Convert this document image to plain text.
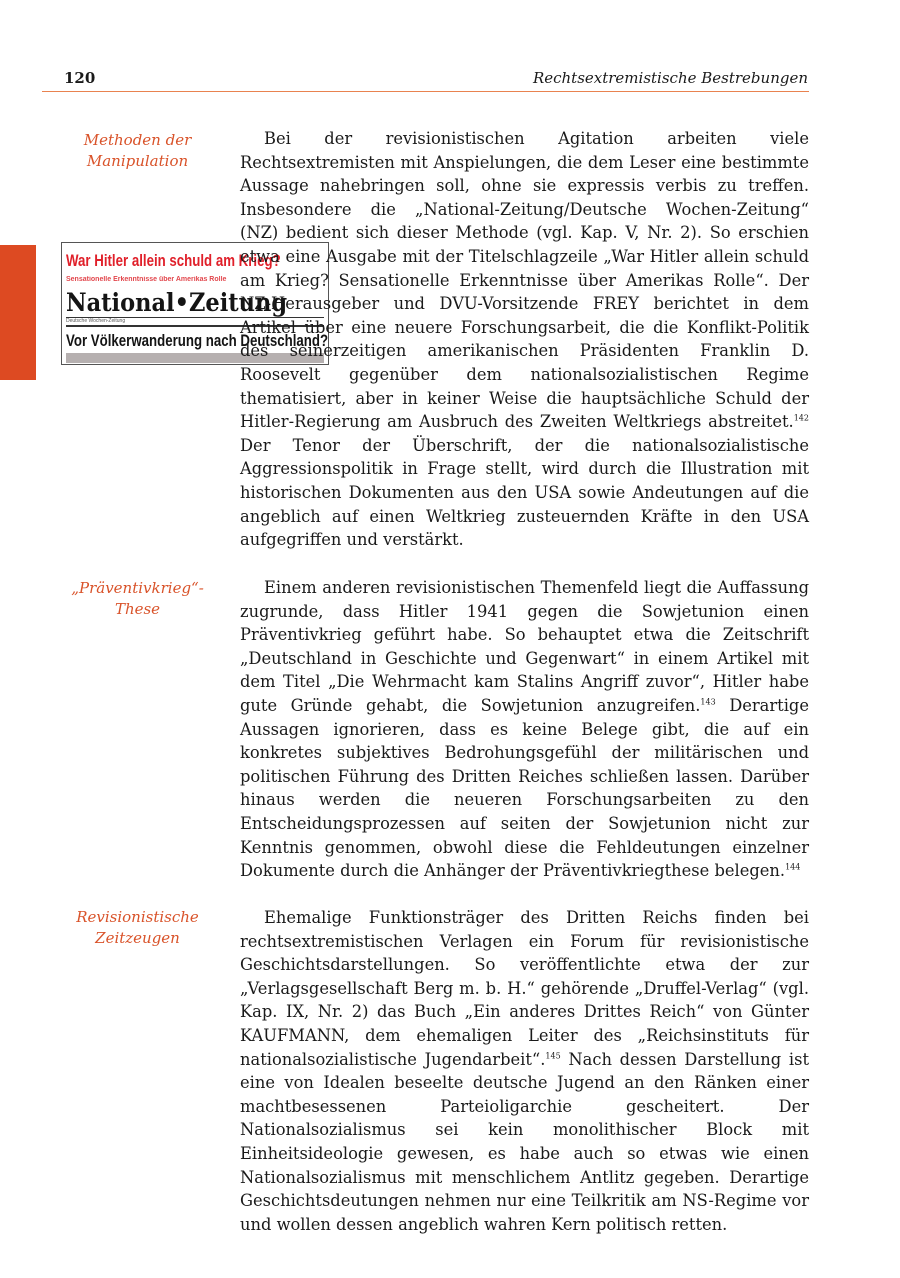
120	Rechtsextremistische Bestrebungen
Methoden der Manipulation
„Präventivkrieg“-These
Revisionistische Zeitzeugen
War Hitler allein schuld am Krieg?
Sensationelle Erkenntnisse über Amerikas Rolle
National•Zeitung
Deutsche Wochen-Zeitung
Vor Völkerwanderung nach Deutschland?

Bei der revisionistischen Agitation arbeiten viele Rechtsextremisten mit Anspielungen, die dem Leser eine bestimmte Aussage nahebringen soll, ohne sie expressis verbis zu treffen. Insbesondere die „National-Zeitung/Deutsche Wochen-Zeitung“ (NZ) bedient sich dieser Methode (vgl. Kap. V, Nr. 2). So erschien etwa eine Ausgabe mit der Titelschlagzeile „War Hitler allein schuld am Krieg? Sensationelle Erkenntnisse über Amerikas Rolle“. Der NZ-Herausgeber und DVU-Vorsitzende FREY berichtet in dem Artikel über eine neuere Forschungsarbeit, die die Konflikt-Politik des seinerzeitigen amerikanischen Präsidenten Franklin D. Roosevelt gegenüber dem nationalsozialistischen Regime thematisiert, aber in keiner Weise die hauptsächliche Schuld der Hitler-Regierung am Ausbruch des Zweiten Weltkriegs abstreitet.$^{142}$ Der Tenor der Überschrift, der die nationalsozialistische Aggressionspolitik in Frage stellt, wird durch die Illustration mit historischen Dokumenten aus den USA sowie Andeutungen auf die angeblich auf einen Weltkrieg zusteuernden Kräfte in den USA aufgegriffen und verstärkt.

Einem anderen revisionistischen Themenfeld liegt die Auffassung zugrunde, dass Hitler 1941 gegen die Sowjetunion einen Präventivkrieg geführt habe. So behauptet etwa die Zeitschrift „Deutschland in Geschichte und Gegenwart“ in einem Artikel mit dem Titel „Die Wehrmacht kam Stalins Angriff zuvor“, Hitler habe gute Gründe gehabt, die Sowjetunion anzugreifen.$^{143}$ Derartige Aussagen ignorieren, dass es keine Belege gibt, die auf ein konkretes subjektives Bedrohungsgefühl der militärischen und politischen Führung des Dritten Reiches schließen lassen. Darüber hinaus werden die neueren Forschungsarbeiten zu den Entscheidungsprozessen auf seiten der Sowjetunion nicht zur Kenntnis genommen, obwohl diese die Fehldeutungen einzelner Dokumente durch die Anhänger der Präventivkriegthese belegen.$^{144}$

Ehemalige Funktionsträger des Dritten Reichs finden bei rechtsextremistischen Verlagen ein Forum für revisionistische Geschichtsdarstellungen. So veröffentlichte etwa der zur „Verlagsgesellschaft Berg m. b. H.“ gehörende „Druffel-Verlag“ (vgl. Kap. IX, Nr. 2) das Buch „Ein anderes Drittes Reich“ von Günter KAUFMANN, dem ehemaligen Leiter des „Reichsinstituts für nationalsozialistische Jugendarbeit“.$^{145}$ Nach dessen Darstellung ist eine von Idealen beseelte deutsche Jugend an den Ränken einer machtbesessenen Parteioligarchie gescheitert. Der Nationalsozialismus sei kein monolithischer Block mit Einheitsideologie gewesen, es habe auch so etwas wie einen Nationalsozialismus mit menschlichem Antlitz gegeben. Derartige Geschichtsdeutungen nehmen nur eine Teilkritik am NS-Regime vor und wollen dessen angeblich wahren Kern politisch retten.
